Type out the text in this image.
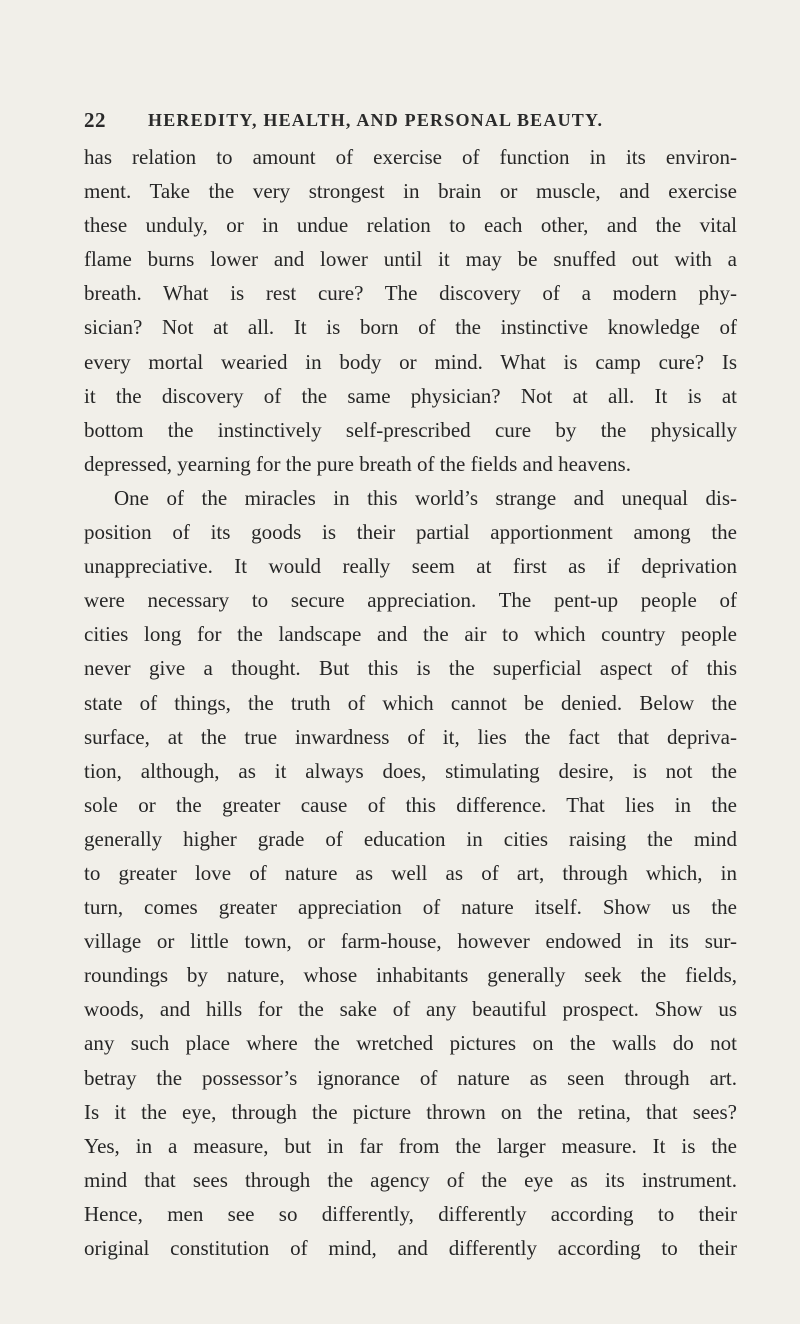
22 HEREDITY, HEALTH, AND PERSONAL BEAUTY.
has relation to amount of exercise of function in its environ-
ment. Take the very strongest in brain or muscle, and exercise
these unduly, or in undue relation to each other, and the vital
flame burns lower and lower until it may be snuffed out with a
breath. What is rest cure? The discovery of a modern phy-
sician? Not at all. It is born of the instinctive knowledge of
every mortal wearied in body or mind. What is camp cure? Is
it the discovery of the same physician? Not at all. It is at
bottom the instinctively self-prescribed cure by the physically
depressed, yearning for the pure breath of the fields and heavens.
One of the miracles in this world’s strange and unequal dis-
position of its goods is their partial apportionment among the
unappreciative. It would really seem at first as if deprivation
were necessary to secure appreciation. The pent-up people of
cities long for the landscape and the air to which country people
never give a thought. But this is the superficial aspect of this
state of things, the truth of which cannot be denied. Below the
surface, at the true inwardness of it, lies the fact that depriva-
tion, although, as it always does, stimulating desire, is not the
sole or the greater cause of this difference. That lies in the
generally higher grade of education in cities raising the mind
to greater love of nature as well as of art, through which, in
turn, comes greater appreciation of nature itself. Show us the
village or little town, or farm-house, however endowed in its sur-
roundings by nature, whose inhabitants generally seek the fields,
woods, and hills for the sake of any beautiful prospect. Show us
any such place where the wretched pictures on the walls do not
betray the possessor’s ignorance of nature as seen through art.
Is it the eye, through the picture thrown on the retina, that sees?
Yes, in a measure, but in far from the larger measure. It is the
mind that sees through the agency of the eye as its instrument.
Hence, men see so differently, differently according to their
original constitution of mind, and differently according to their
